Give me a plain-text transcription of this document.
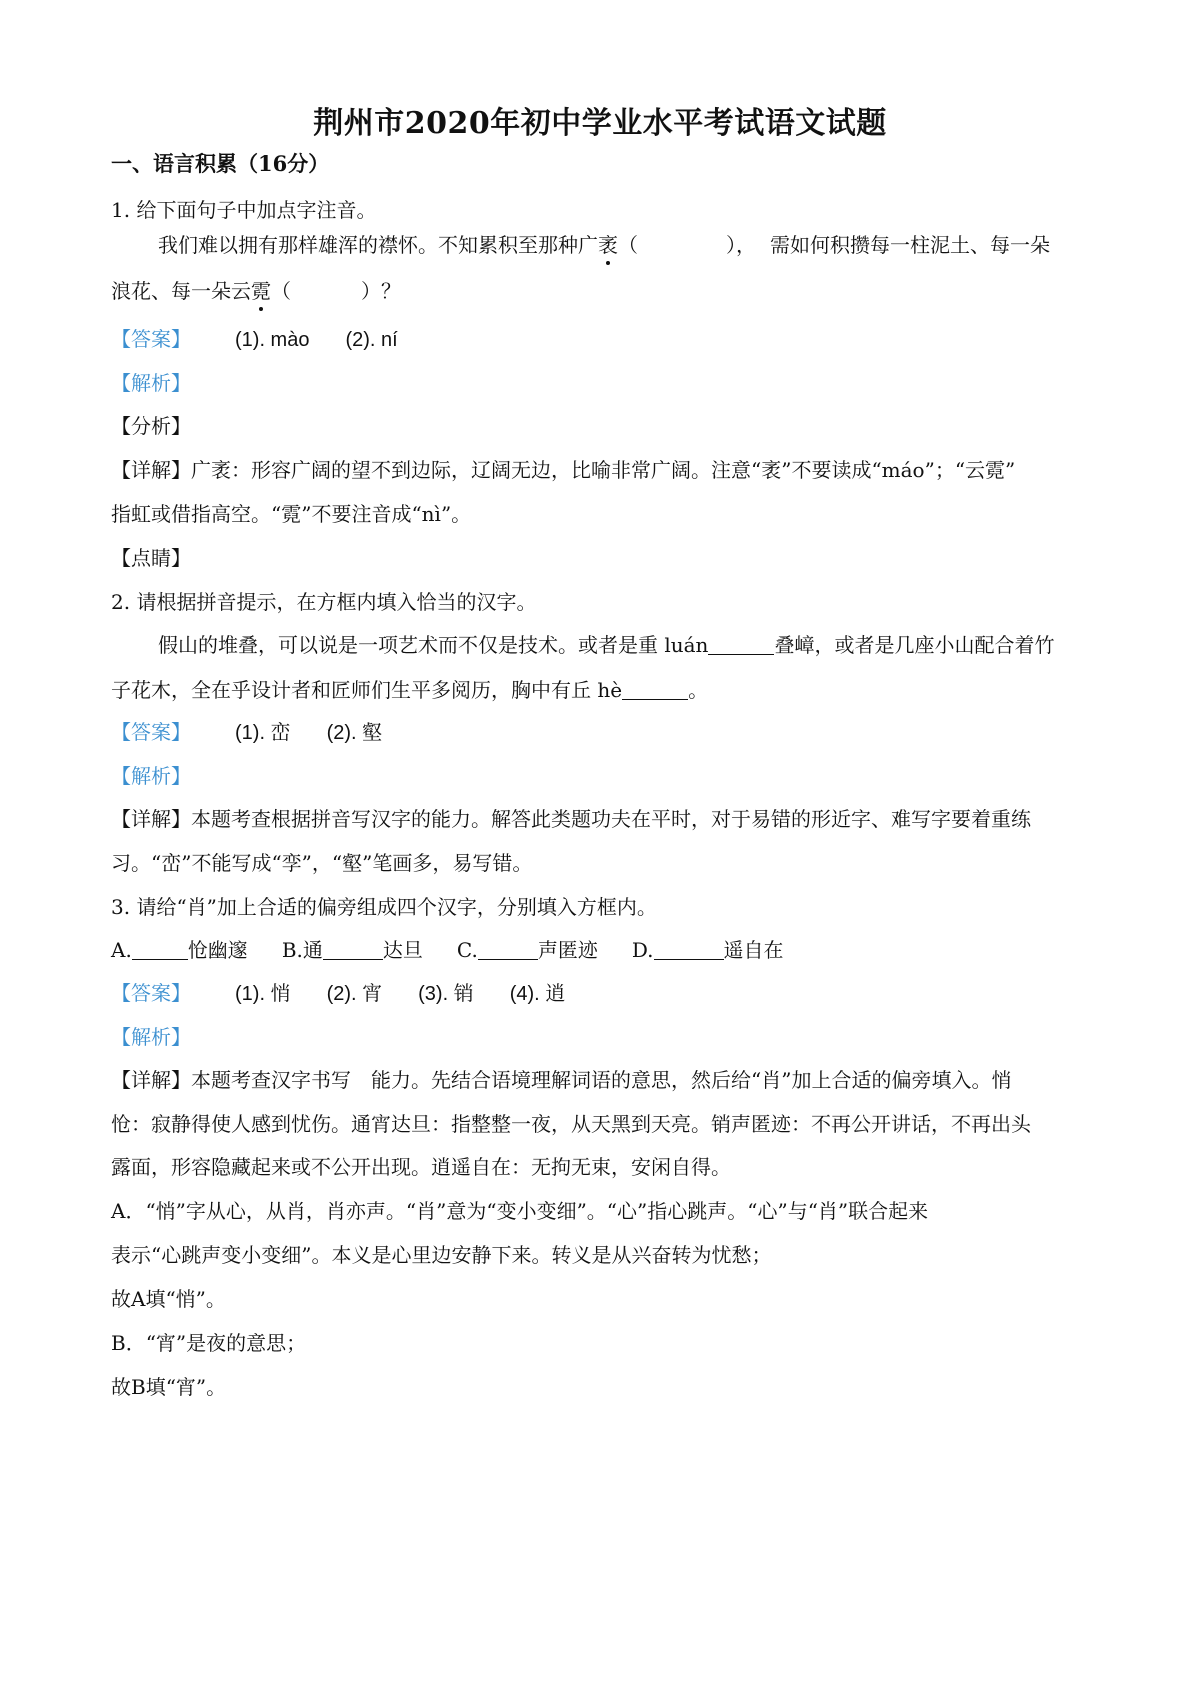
荆州市2020年初中学业水平考试语文试题
一、语言积累（16分）
1. 给下面句子中加点字注音。
我们难以拥有那样雄浑的襟怀。不知累积至那种广袤（	）， 需如何积攒每一柱泥土、每一朵
浪花、每一朵云霓（	）？
【答案】 (1). mào (2). ní
【解析】
【分析】
【详解】广袤：形容广阔的望不到边际，辽阔无边，比喻非常广阔。注意“袤”不要读成“máo”；“云霓”
指虹或借指高空。“霓”不要注音成“nì”。
【点睛】
2. 请根据拼音提示，在方框内填入恰当的汉字。
假山的堆叠，可以说是一项艺术而不仅是技术。或者是重 luán	叠嶂，或者是几座小山配合着竹
子花木，全在乎设计者和匠师们生平多阅历，胸中有丘 hè	。
【答案】 (1). 峦 (2). 壑
【解析】
【详解】本题考查根据拼音写汉字的能力。解答此类题功夫在平时，对于易错的形近字、难写字要着重练
习。“峦”不能写成“孪”，“壑”笔画多，易写错。
3. 请给“肖”加上合适的偏旁组成四个汉字，分别填入方框内。
A.	怆幽邃 B.通	达旦 C.	声匿迹 D.	遥自在
【答案】 (1). 悄 (2). 宵 (3). 销 (4). 逍
【解析】
【详解】本题考查汉字书写　能力。先结合语境理解词语的意思，然后给“肖”加上合适的偏旁填入。悄
怆：寂静得使人感到忧伤。通宵达旦：指整整一夜，从天黑到天亮。销声匿迹：不再公开讲话，不再出头
露面，形容隐藏起来或不公开出现。逍遥自在：无拘无束，安闲自得。
A．“悄”字从心，从肖，肖亦声。“肖”意为“变小变细”。“心”指心跳声。“心”与“肖”联合起来
表示“心跳声变小变细”。本义是心里边安静下来。转义是从兴奋转为忧愁；
故A填“悄”。
B．“宵”是夜的意思；
故B填“宵”。
